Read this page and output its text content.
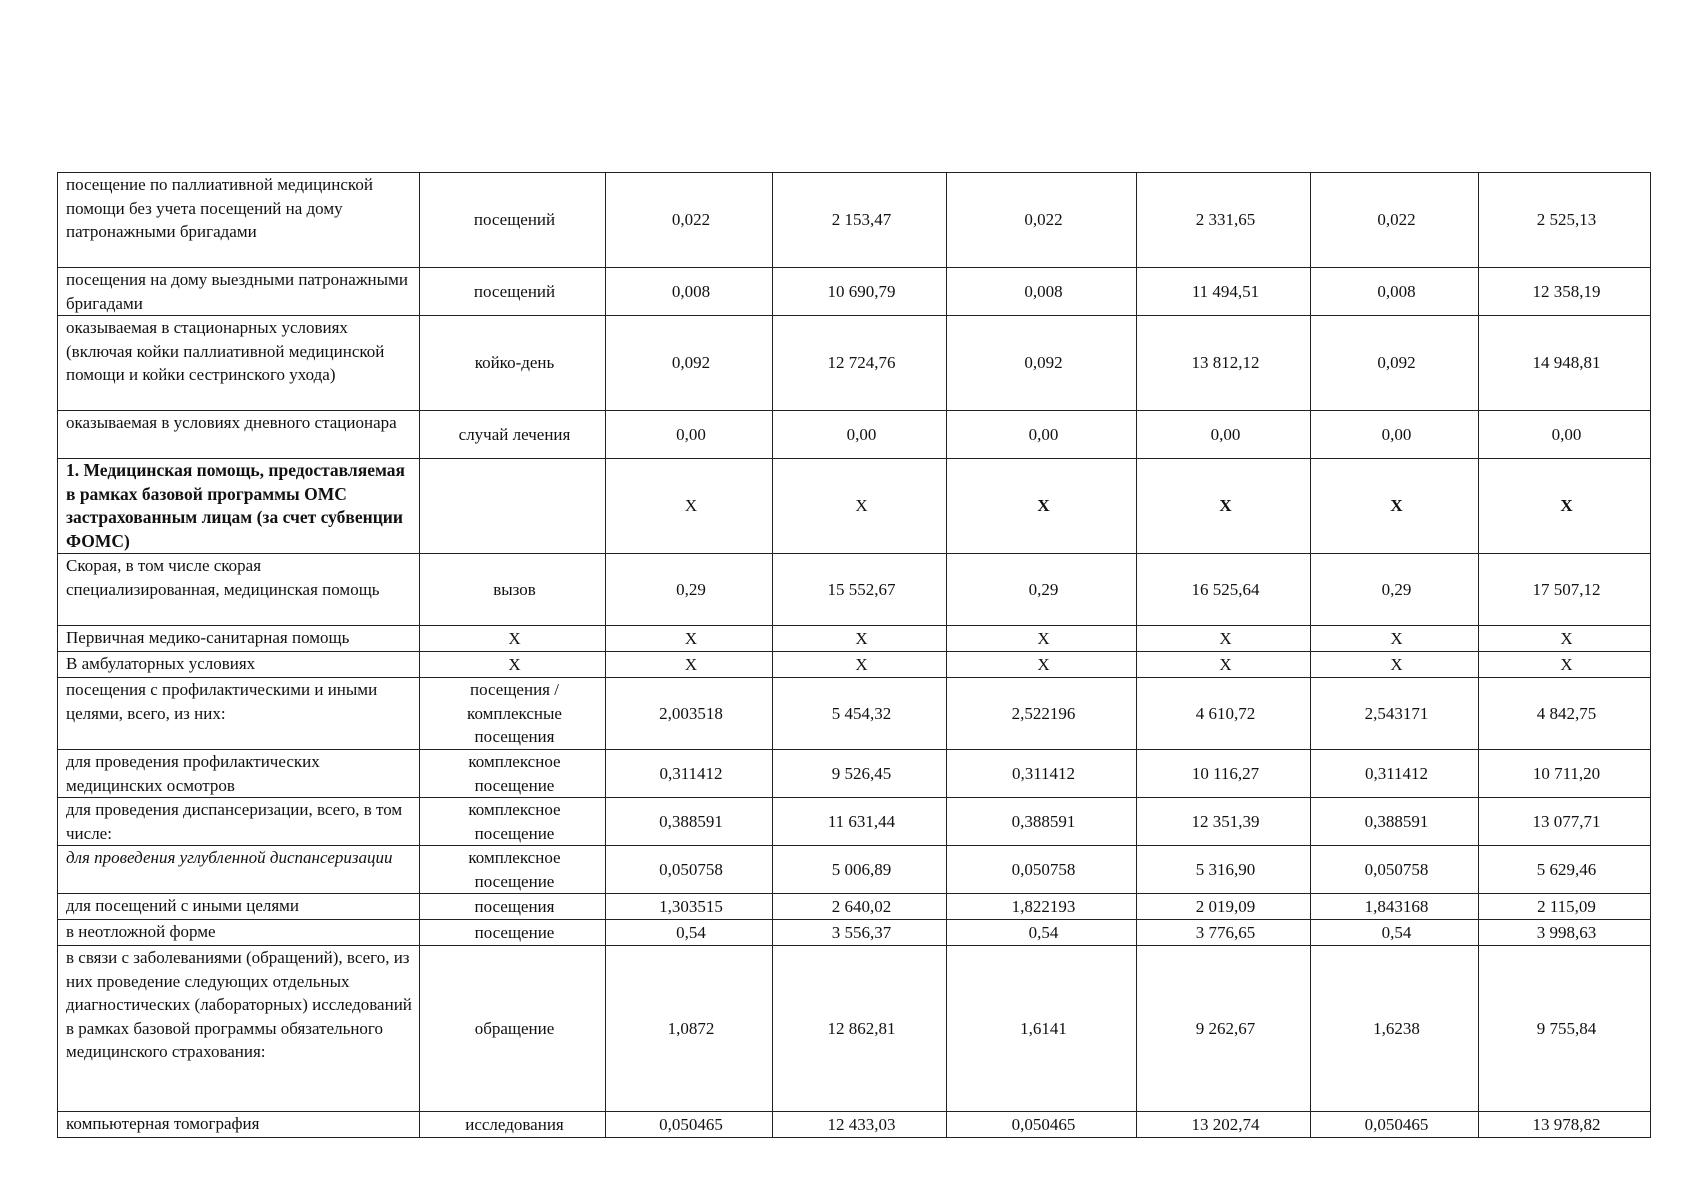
посещение по паллиативной медицинской помощи без учета посещений на дому патронажными бригадами	посещений	0,022	2 153,47	0,022	2 331,65	0,022	2 525,13
посещения на дому выездными патронажными бригадами	посещений	0,008	10 690,79	0,008	11 494,51	0,008	12 358,19
оказываемая в стационарных условиях (включая койки паллиативной медицинской помощи и койки сестринского ухода)	койко-день	0,092	12 724,76	0,092	13 812,12	0,092	14 948,81
оказываемая в условиях дневного стационара	случай лечения	0,00	0,00	0,00	0,00	0,00	0,00
1. Медицинская помощь, предоставляемая в рамках базовой программы ОМС застрахованным лицам (за счет субвенции ФОМС)		Х	Х	Х	Х	Х	Х
Скорая, в том числе скорая специализированная, медицинская помощь	вызов	0,29	15 552,67	0,29	16 525,64	0,29	17 507,12
Первичная медико-санитарная помощь	Х	Х	Х	Х	Х	Х	Х
В амбулаторных условиях	Х	Х	Х	Х	Х	Х	Х
посещения с профилактическими и иными целями, всего, из них:	посещения / комплексные посещения	2,003518	5 454,32	2,522196	4 610,72	2,543171	4 842,75
для проведения профилактических медицинских осмотров	комплексное посещение	0,311412	9 526,45	0,311412	10 116,27	0,311412	10 711,20
для проведения диспансеризации, всего, в том числе:	комплексное посещение	0,388591	11 631,44	0,388591	12 351,39	0,388591	13 077,71
для проведения углубленной диспансеризации	комплексное посещение	0,050758	5 006,89	0,050758	5 316,90	0,050758	5 629,46
для посещений с иными целями	посещения	1,303515	2 640,02	1,822193	2 019,09	1,843168	2 115,09
в неотложной форме	посещение	0,54	3 556,37	0,54	3 776,65	0,54	3 998,63
в связи с заболеваниями (обращений), всего, из них проведение следующих отдельных диагностических (лабораторных) исследований в рамках базовой программы обязательного медицинского страхования:	обращение	1,0872	12 862,81	1,6141	9 262,67	1,6238	9 755,84
компьютерная томография	исследования	0,050465	12 433,03	0,050465	13 202,74	0,050465	13 978,82
